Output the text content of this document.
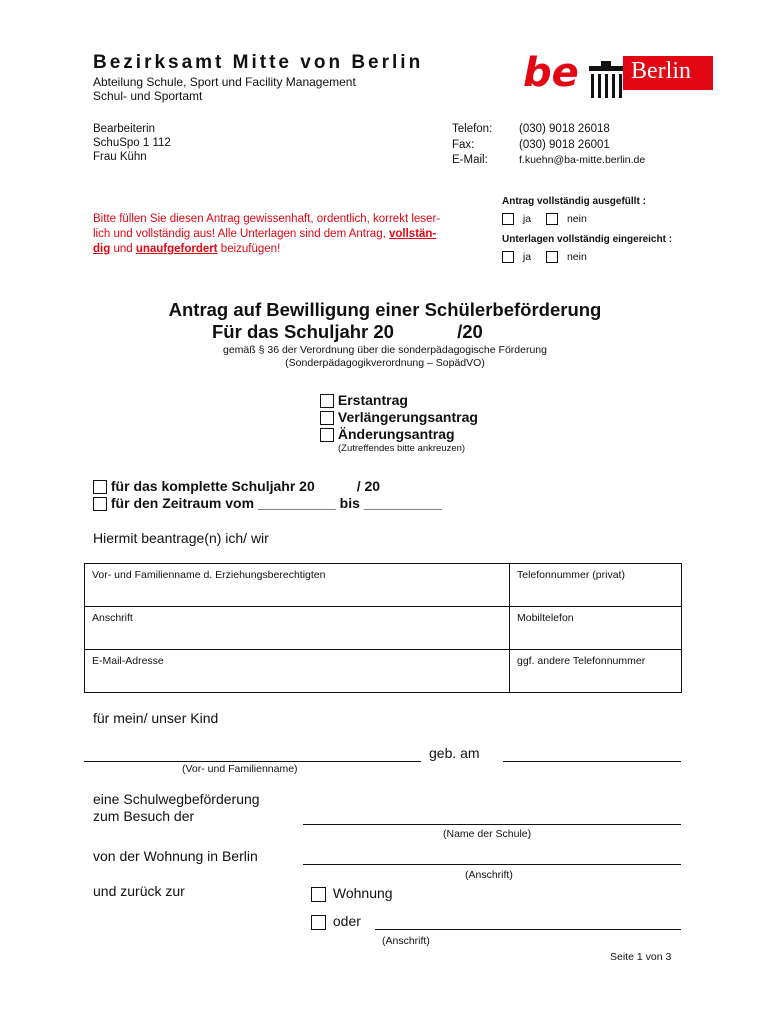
Bezirksamt Mitte von Berlin
Abteilung Schule, Sport und Facility Management
Schul- und Sportamt	be Berlin
Bearbeiterin
SchuSpo 1 112
Frau Kühn
Telefon: (030) 9018 26018
Fax:	(030) 9018 26001
E-Mail:	f.kuehn@ba-mitte.berlin.de
Antrag vollständig ausgefüllt :
ja	nein
Unterlagen vollständig eingereicht :
ja	nein
Bitte füllen Sie diesen Antrag gewissenhaft, ordentlich, korrekt leser-
lich und vollständig aus! Alle Unterlagen sind dem Antrag, vollstän-
dig und unaufgefordert beizufügen!
Antrag auf Bewilligung einer Schülerbeförderung
Für das Schuljahr 20	/20
gemäß § 36 der Verordnung über die sonderpädagogische Förderung
(Sonderpädagogikverordnung – SopädVO)
Erstantrag
Verlängerungsantrag
Änderungsantrag
(Zutreffendes bitte ankreuzen)
für das komplette Schuljahr 20	/ 20
für den Zeitraum vom __________ bis __________
Hiermit beantrage(n) ich/ wir
Vor- und Familienname d. Erziehungsberechtigten	Telefonnummer (privat)
Anschrift	Mobiltelefon
E-Mail-Adresse	ggf. andere Telefonnummer
für mein/ unser Kind
geb. am
(Vor- und Familienname)
eine Schulwegbeförderung
zum Besuch der
(Name der Schule)
von der Wohnung in Berlin
(Anschrift)
und zurück zur	Wohnung
oder
(Anschrift)
Seite 1 von 3
